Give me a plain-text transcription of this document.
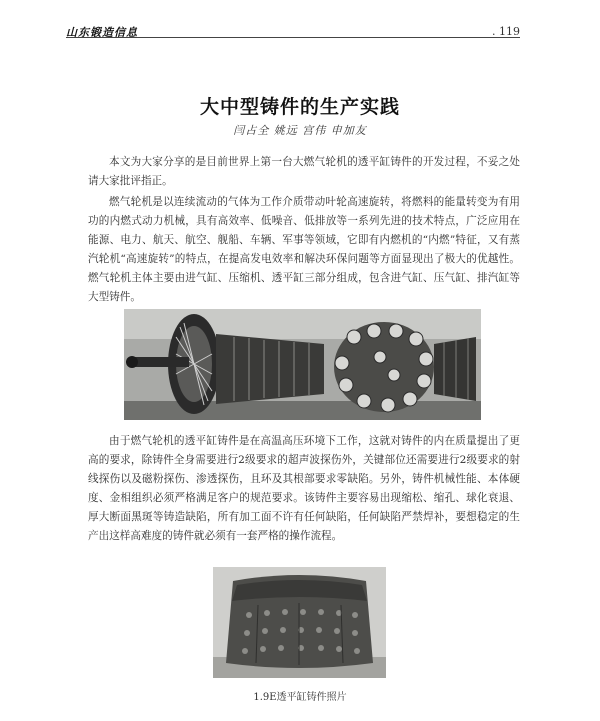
山东锻造信息	. 119
大中型铸件的生产实践
闫占全 姚远 宫伟 申加友

本文为大家分享的是目前世界上第一台大燃气轮机的透平缸铸件的开发过程，不妥之处请大家批评指正。

燃气轮机是以连续流动的气体为工作介质带动叶轮高速旋转，将燃料的能量转变为有用功的内燃式动力机械，具有高效率、低噪音、低排放等一系列先进的技术特点，广泛应用在能源、电力、航天、航空、舰船、车辆、军事等领域，它即有内燃机的“内燃”特征，又有蒸汽轮机“高速旋转”的特点，在提高发电效率和解决环保问题等方面显现出了极大的优越性。燃气轮机主体主要由进气缸、压缩机、透平缸三部分组成，包含进气缸、压气缸、排汽缸等大型铸件。

由于燃气轮机的透平缸铸件是在高温高压环境下工作，这就对铸件的内在质量提出了更高的要求，除铸件全身需要进行2级要求的超声波探伤外，关键部位还需要进行2级要求的射线探伤以及磁粉探伤、渗透探伤，且环及其根部要求零缺陷。另外，铸件机械性能、本体硬度、金相组织必须严格满足客户的规范要求。该铸件主要容易出现缩松、缩孔、球化衰退、厚大断面黑斑等铸造缺陷，所有加工面不许有任何缺陷，任何缺陷严禁焊补，要想稳定的生产出这样高难度的铸件就必须有一套严格的操作流程。

1.9E透平缸铸件照片
